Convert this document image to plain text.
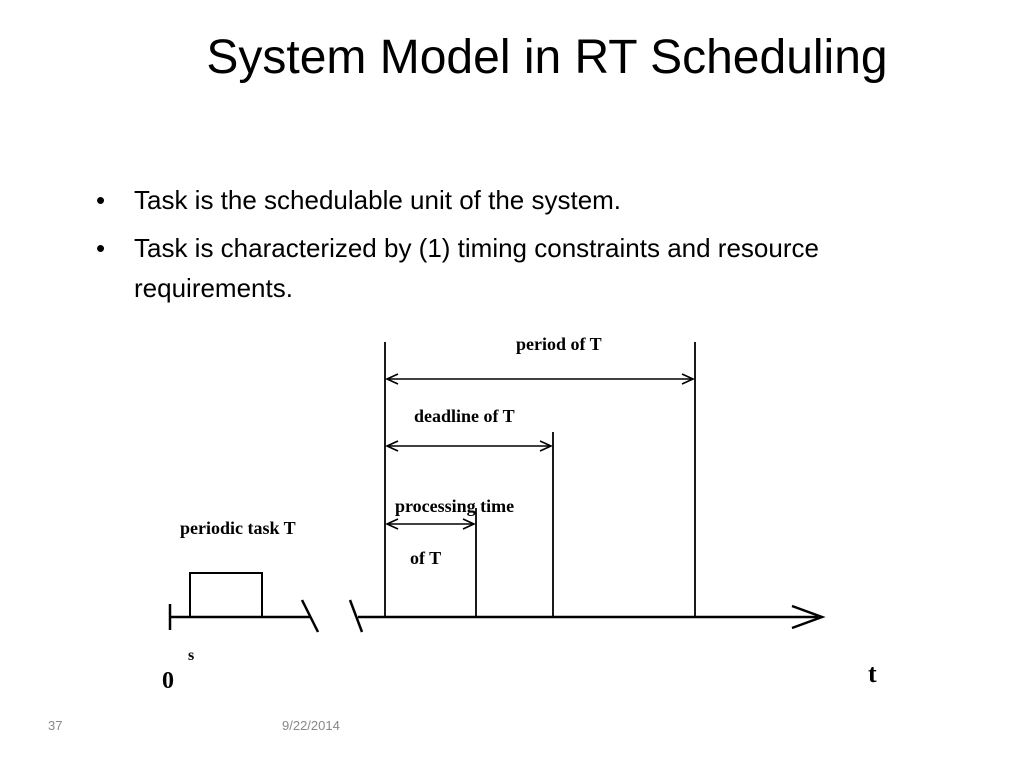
System Model in RT Scheduling
• Task is the schedulable unit of the system.
• Task is characterized by (1) timing constraints and resource requirements.
period of T
deadline of T
processing time
of T
periodic task T
s
0	t
37	9/22/2014
